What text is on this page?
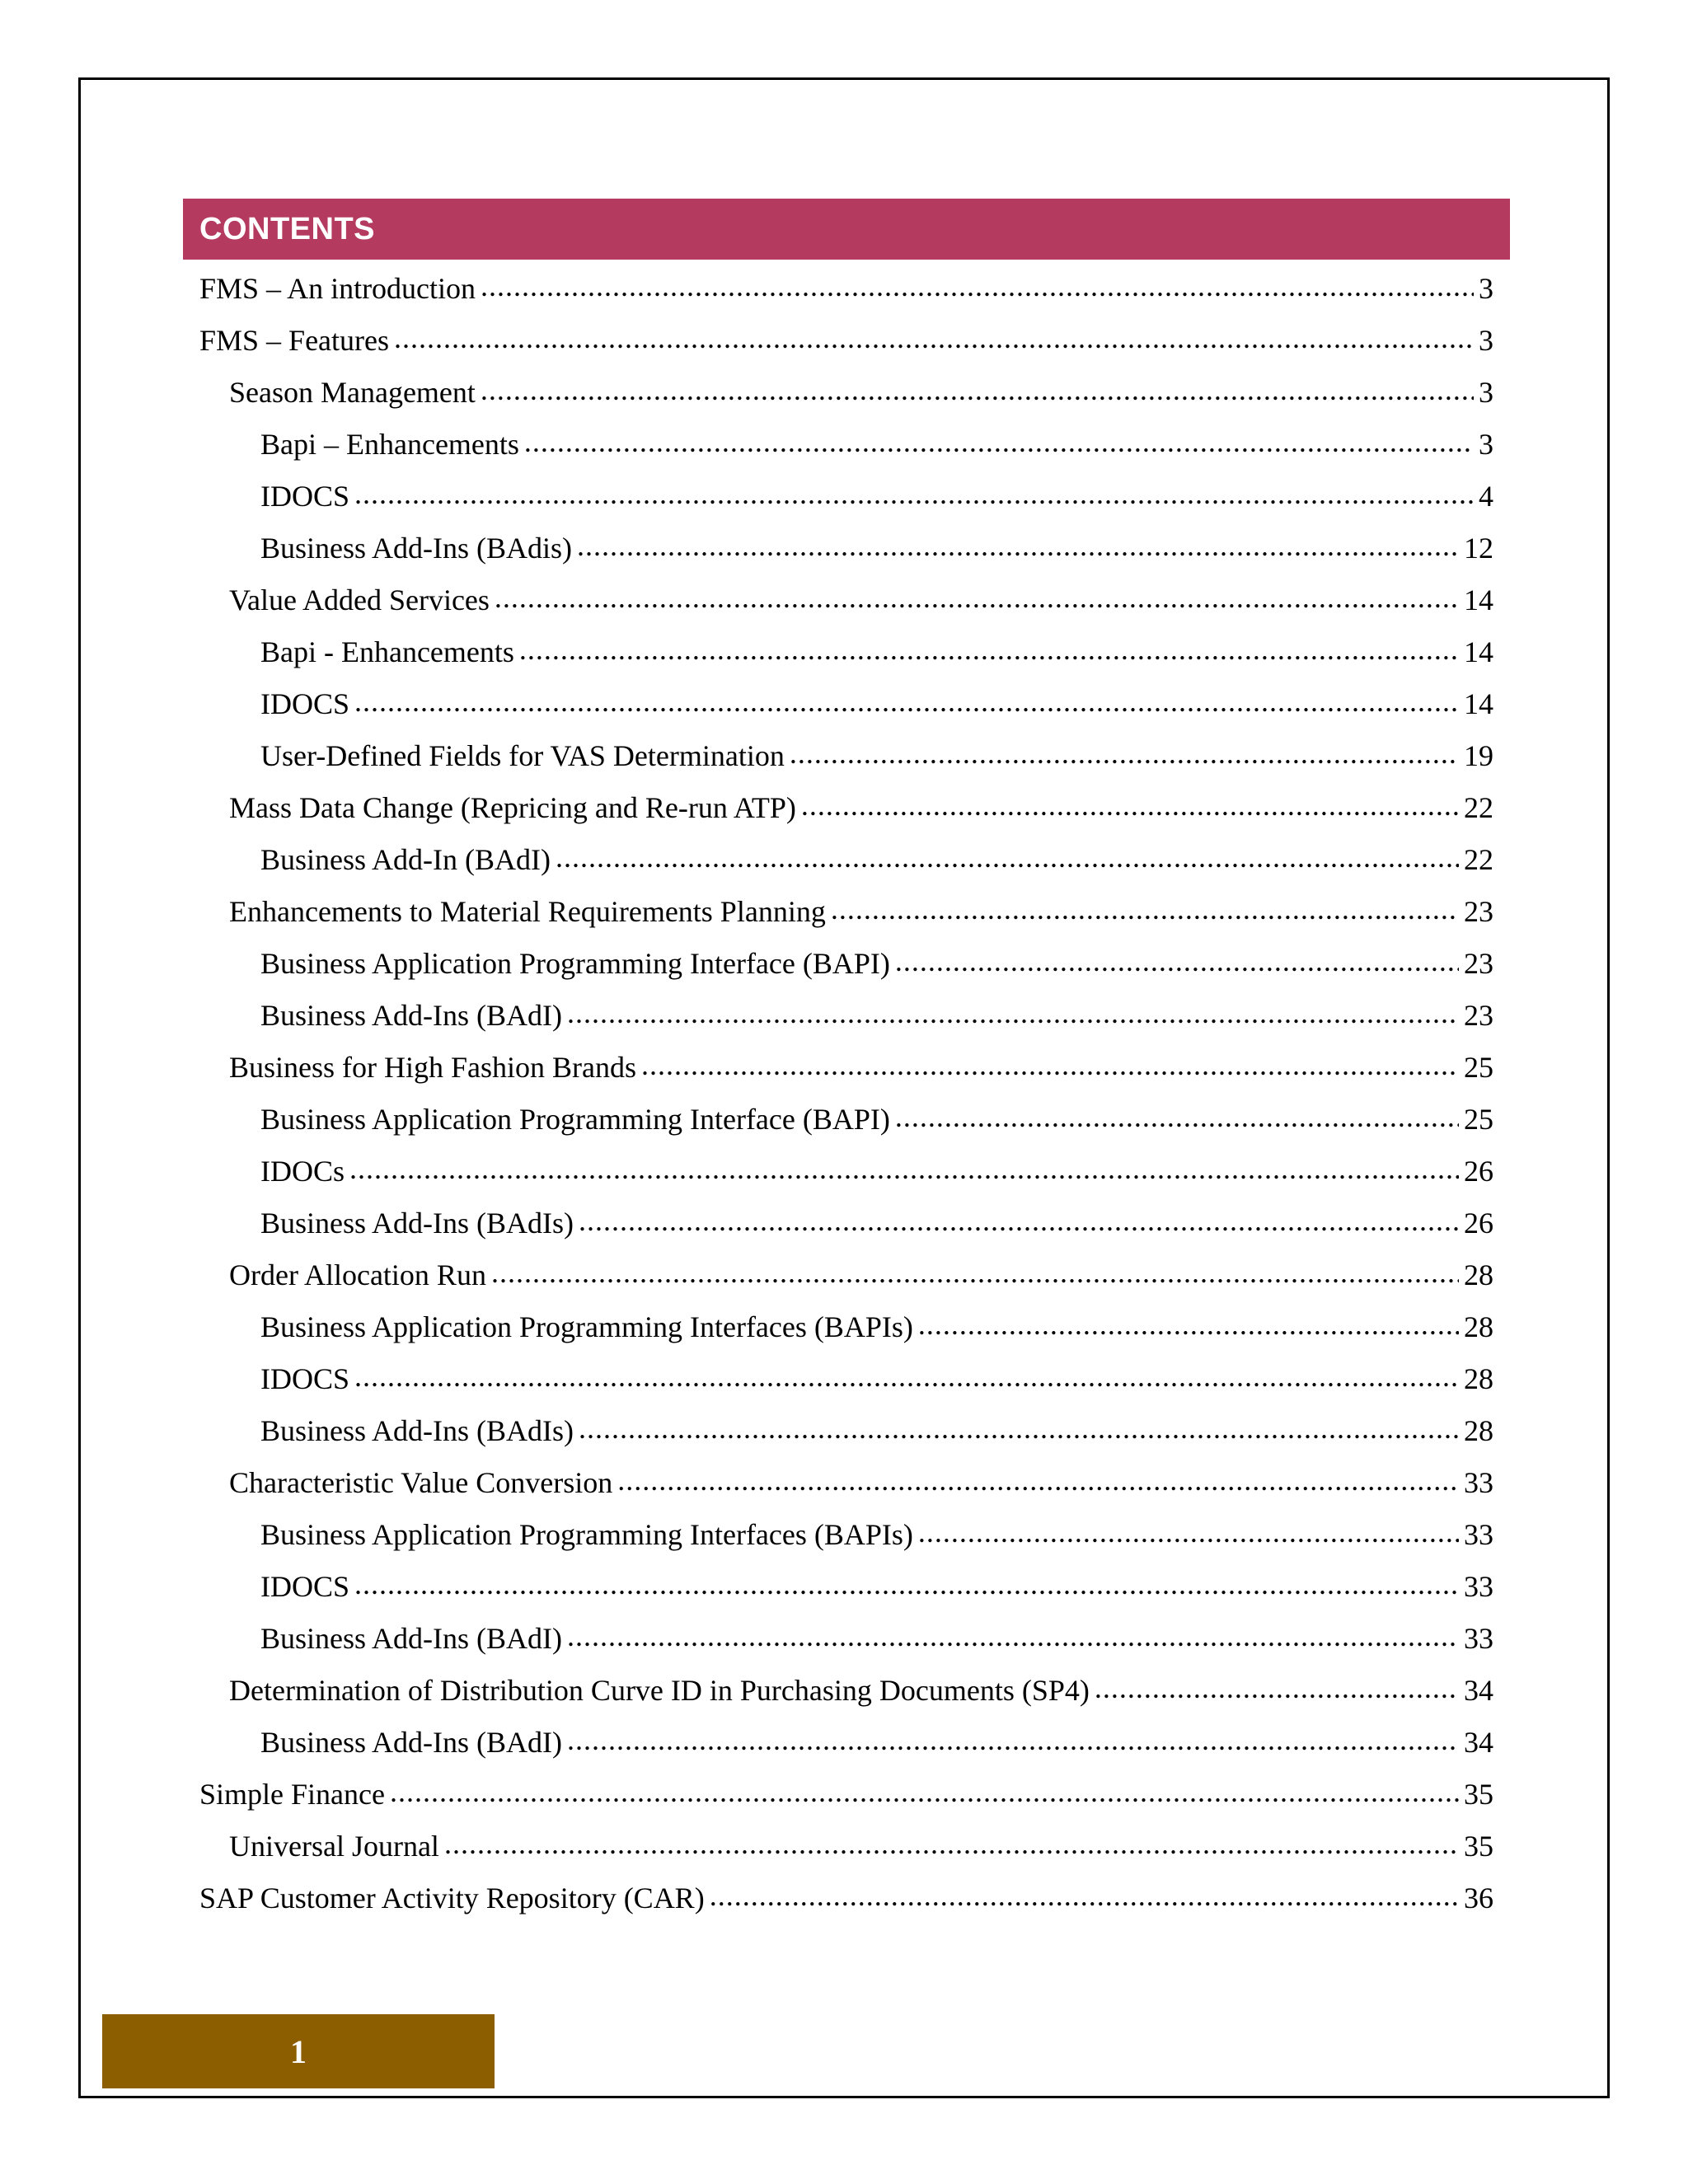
CONTENTS
FMS – An introduction . . .	3
FMS – Features . . .	3
Season Management . . .	3
Bapi – Enhancements . . .	3
IDOCS . . .	4
Business Add-Ins (BAdis) . . .	12
Value Added Services . . .	14
Bapi - Enhancements . . .	14
IDOCS . . .	14
User-Defined Fields for VAS Determination . . .	19
Mass Data Change (Repricing and Re-run ATP) . . .	22
Business Add-In (BAdI) . . .	22
Enhancements to Material Requirements Planning . . .	23
Business Application Programming Interface (BAPI) . . .	23
Business Add-Ins (BAdI) . . .	23
Business for High Fashion Brands . . .	25
Business Application Programming Interface (BAPI) . . .	25
IDOCs . . .	26
Business Add-Ins (BAdIs) . . .	26
Order Allocation Run . . .	28
Business Application Programming Interfaces (BAPIs) . . .	28
IDOCS . . .	28
Business Add-Ins (BAdIs) . . .	28
Characteristic Value Conversion . . .	33
Business Application Programming Interfaces (BAPIs) . . .	33
IDOCS . . .	33
Business Add-Ins (BAdI) . . .	33
Determination of Distribution Curve ID in Purchasing Documents (SP4) . . .	34
Business Add-Ins (BAdI) . . .	34
Simple Finance . . .	35
Universal Journal . . .	35
SAP Customer Activity Repository (CAR) . . .	36
1
